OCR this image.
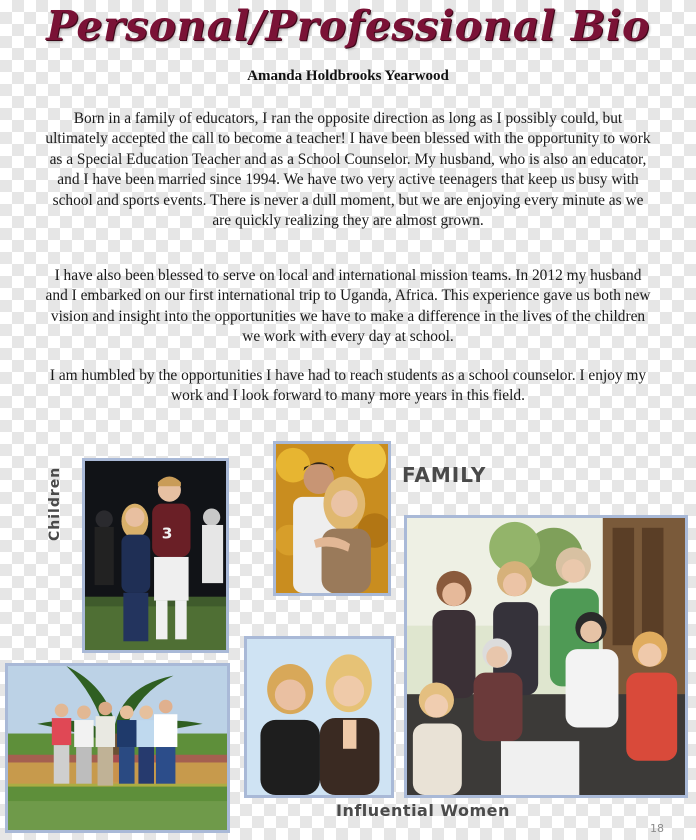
Personal/Professional Bio
Amanda Holdbrooks Yearwood

Born in a family of educators, I ran the opposite direction as long as I possibly could, but ultimately accepted the call to become a teacher! I have been blessed with the opportunity to work as a Special Education Teacher and as a School Counselor. My husband, who is also an educator, and I have been married since 1994. We have two very active teenagers that keep us busy with school and sports events. There is never a dull moment, but we are enjoying every minute as we are quickly realizing they are almost grown.

I have also been blessed to serve on local and international mission teams. In 2012 my husband and I embarked on our first international trip to Uganda, Africa. This experience gave us both new vision and insight into the opportunities we have to make a difference in the lives of the children we work with every day at school.

I am humbled by the opportunities I have had to reach students as a school counselor. I enjoy my work and I look forward to many more years in this field.

3
FAMILY
Children
Influential Women
18
